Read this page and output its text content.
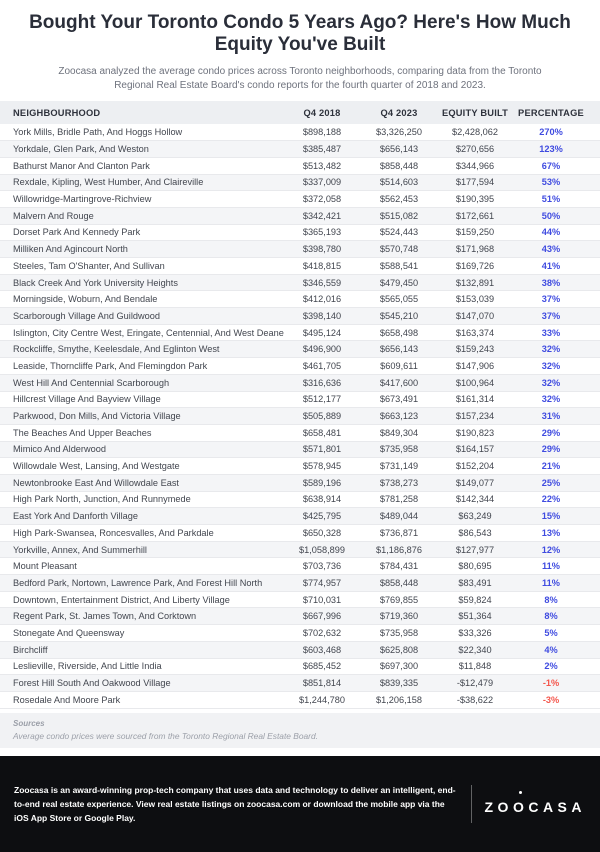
Bought Your Toronto Condo 5 Years Ago? Here's How Much Equity You've Built

Zoocasa analyzed the average condo prices across Toronto neighborhoods, comparing data from the Toronto Regional Real Estate Board's condo reports for the fourth quarter of 2018 and 2023.

NEIGHBOURHOOD	Q4 2018	Q4 2023	EQUITY BUILT	PERCENTAGE
York Mills, Bridle Path, And Hoggs Hollow	$898,188	$3,326,250	$2,428,062	270%
Yorkdale, Glen Park, And Weston	$385,487	$656,143	$270,656	123%
Bathurst Manor And Clanton Park	$513,482	$858,448	$344,966	67%
Rexdale, Kipling, West Humber, And Claireville	$337,009	$514,603	$177,594	53%
Willowridge-Martingrove-Richview	$372,058	$562,453	$190,395	51%
Malvern And Rouge	$342,421	$515,082	$172,661	50%
Dorset Park And Kennedy Park	$365,193	$524,443	$159,250	44%
Milliken And Agincourt North	$398,780	$570,748	$171,968	43%
Steeles, Tam O'Shanter, And Sullivan	$418,815	$588,541	$169,726	41%
Black Creek And York University Heights	$346,559	$479,450	$132,891	38%
Morningside, Woburn, And Bendale	$412,016	$565,055	$153,039	37%
Scarborough Village And Guildwood	$398,140	$545,210	$147,070	37%
Islington, City Centre West, Eringate, Centennial, And West Deane	$495,124	$658,498	$163,374	33%
Rockcliffe, Smythe, Keelesdale, And Eglinton West	$496,900	$656,143	$159,243	32%
Leaside, Thorncliffe Park, And Flemingdon Park	$461,705	$609,611	$147,906	32%
West Hill And Centennial Scarborough	$316,636	$417,600	$100,964	32%
Hillcrest Village And Bayview Village	$512,177	$673,491	$161,314	32%
Parkwood, Don Mills, And Victoria Village	$505,889	$663,123	$157,234	31%
The Beaches And Upper Beaches	$658,481	$849,304	$190,823	29%
Mimico And Alderwood	$571,801	$735,958	$164,157	29%
Willowdale West, Lansing, And Westgate	$578,945	$731,149	$152,204	21%
Newtonbrooke East And Willowdale East	$589,196	$738,273	$149,077	25%
High Park North, Junction, And Runnymede	$638,914	$781,258	$142,344	22%
East York And Danforth Village	$425,795	$489,044	$63,249	15%
High Park-Swansea, Roncesvalles, And Parkdale	$650,328	$736,871	$86,543	13%
Yorkville, Annex, And Summerhill	$1,058,899	$1,186,876	$127,977	12%
Mount Pleasant	$703,736	$784,431	$80,695	11%
Bedford Park, Nortown, Lawrence Park, And Forest Hill North	$774,957	$858,448	$83,491	11%
Downtown, Entertainment District, And Liberty Village	$710,031	$769,855	$59,824	8%
Regent Park, St. James Town, And Corktown	$667,996	$719,360	$51,364	8%
Stonegate And Queensway	$702,632	$735,958	$33,326	5%
Birchcliff	$603,468	$625,808	$22,340	4%
Leslieville, Riverside, And Little India	$685,452	$697,300	$11,848	2%
Forest Hill South And Oakwood Village	$851,814	$839,335	-$12,479	-1%
Rosedale And Moore Park	$1,244,780	$1,206,158	-$38,622	-3%
Sources
Average condo prices were sourced from the Toronto Regional Real Estate Board.
Zoocasa is an award-winning prop-tech company that uses data and technology to deliver an intelligent, end-to-end real estate experience. View real estate listings on zoocasa.com or download the mobile app via the iOS App Store or Google Play.
ZOOCASA
